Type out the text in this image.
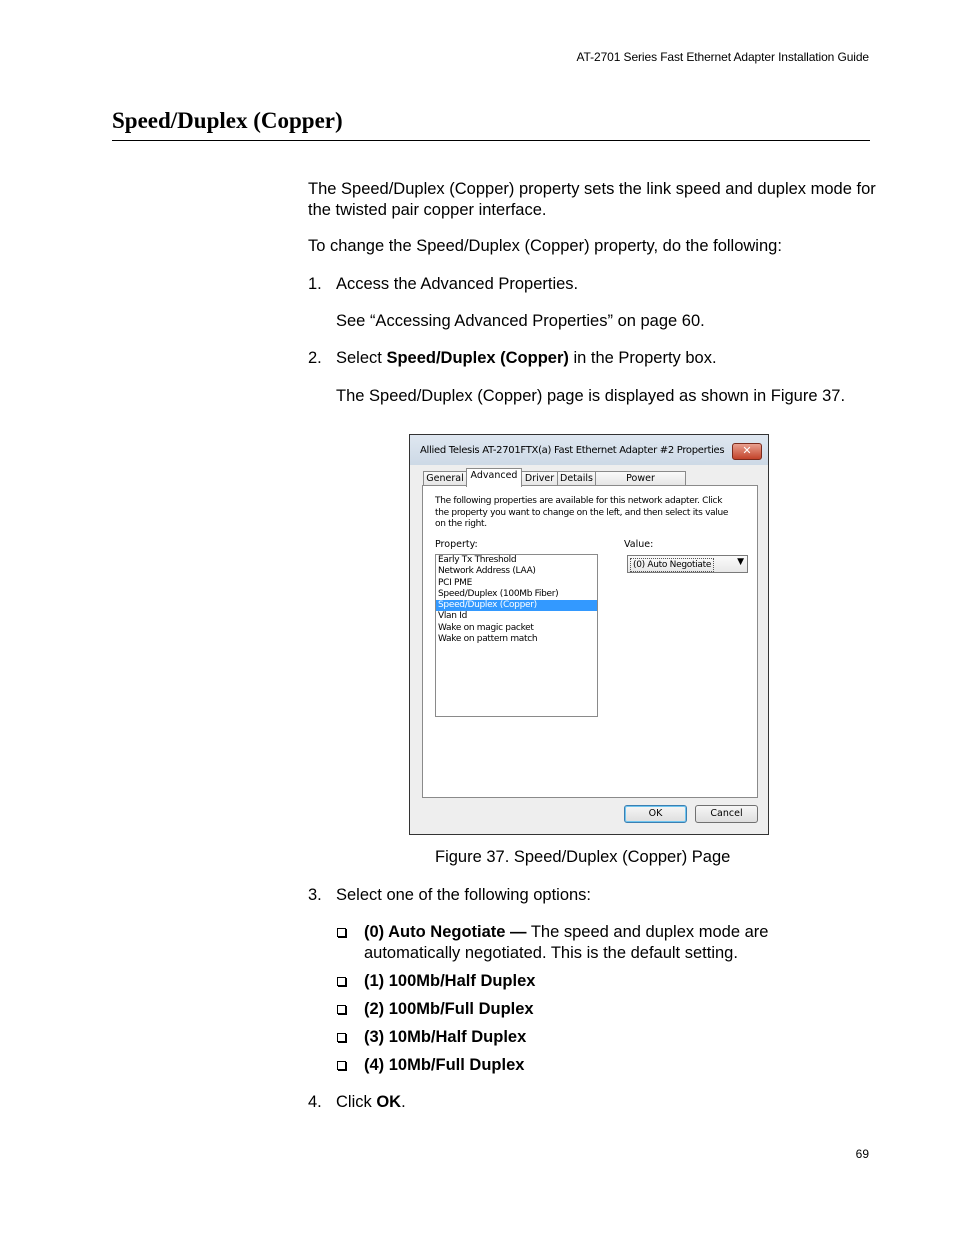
AT-2701 Series Fast Ethernet Adapter Installation Guide
Speed/Duplex (Copper)
The Speed/Duplex (Copper) property sets the link speed and duplex mode for the twisted pair copper interface.
To change the Speed/Duplex (Copper) property, do the following:
1. Access the Advanced Properties.
See “Accessing Advanced Properties” on page 60.
2. Select Speed/Duplex (Copper) in the Property box.
The Speed/Duplex (Copper) page is displayed as shown in Figure 37.
Allied Telesis AT-2701FTX(a) Fast Ethernet Adapter #2 Properties	✕
General Advanced Driver Details	Power
The following properties are available for this network adapter. Click the property you want to change on the left, and then select its value on the right.
Property:	Value:
Early Tx Threshold
Network Address (LAA)
PCI PME
Speed/Duplex (100Mb Fiber)
Speed/Duplex (Copper)
Vlan Id
Wake on magic packet
Wake on pattern match
(0) Auto Negotiate	▼
OK	Cancel
Figure 37. Speed/Duplex (Copper) Page
3. Select one of the following options:
(0) Auto Negotiate — The speed and duplex mode are automatically negotiated. This is the default setting.
(1) 100Mb/Half Duplex
(2) 100Mb/Full Duplex
(3) 10Mb/Half Duplex
(4) 10Mb/Full Duplex
4. Click OK.
69
